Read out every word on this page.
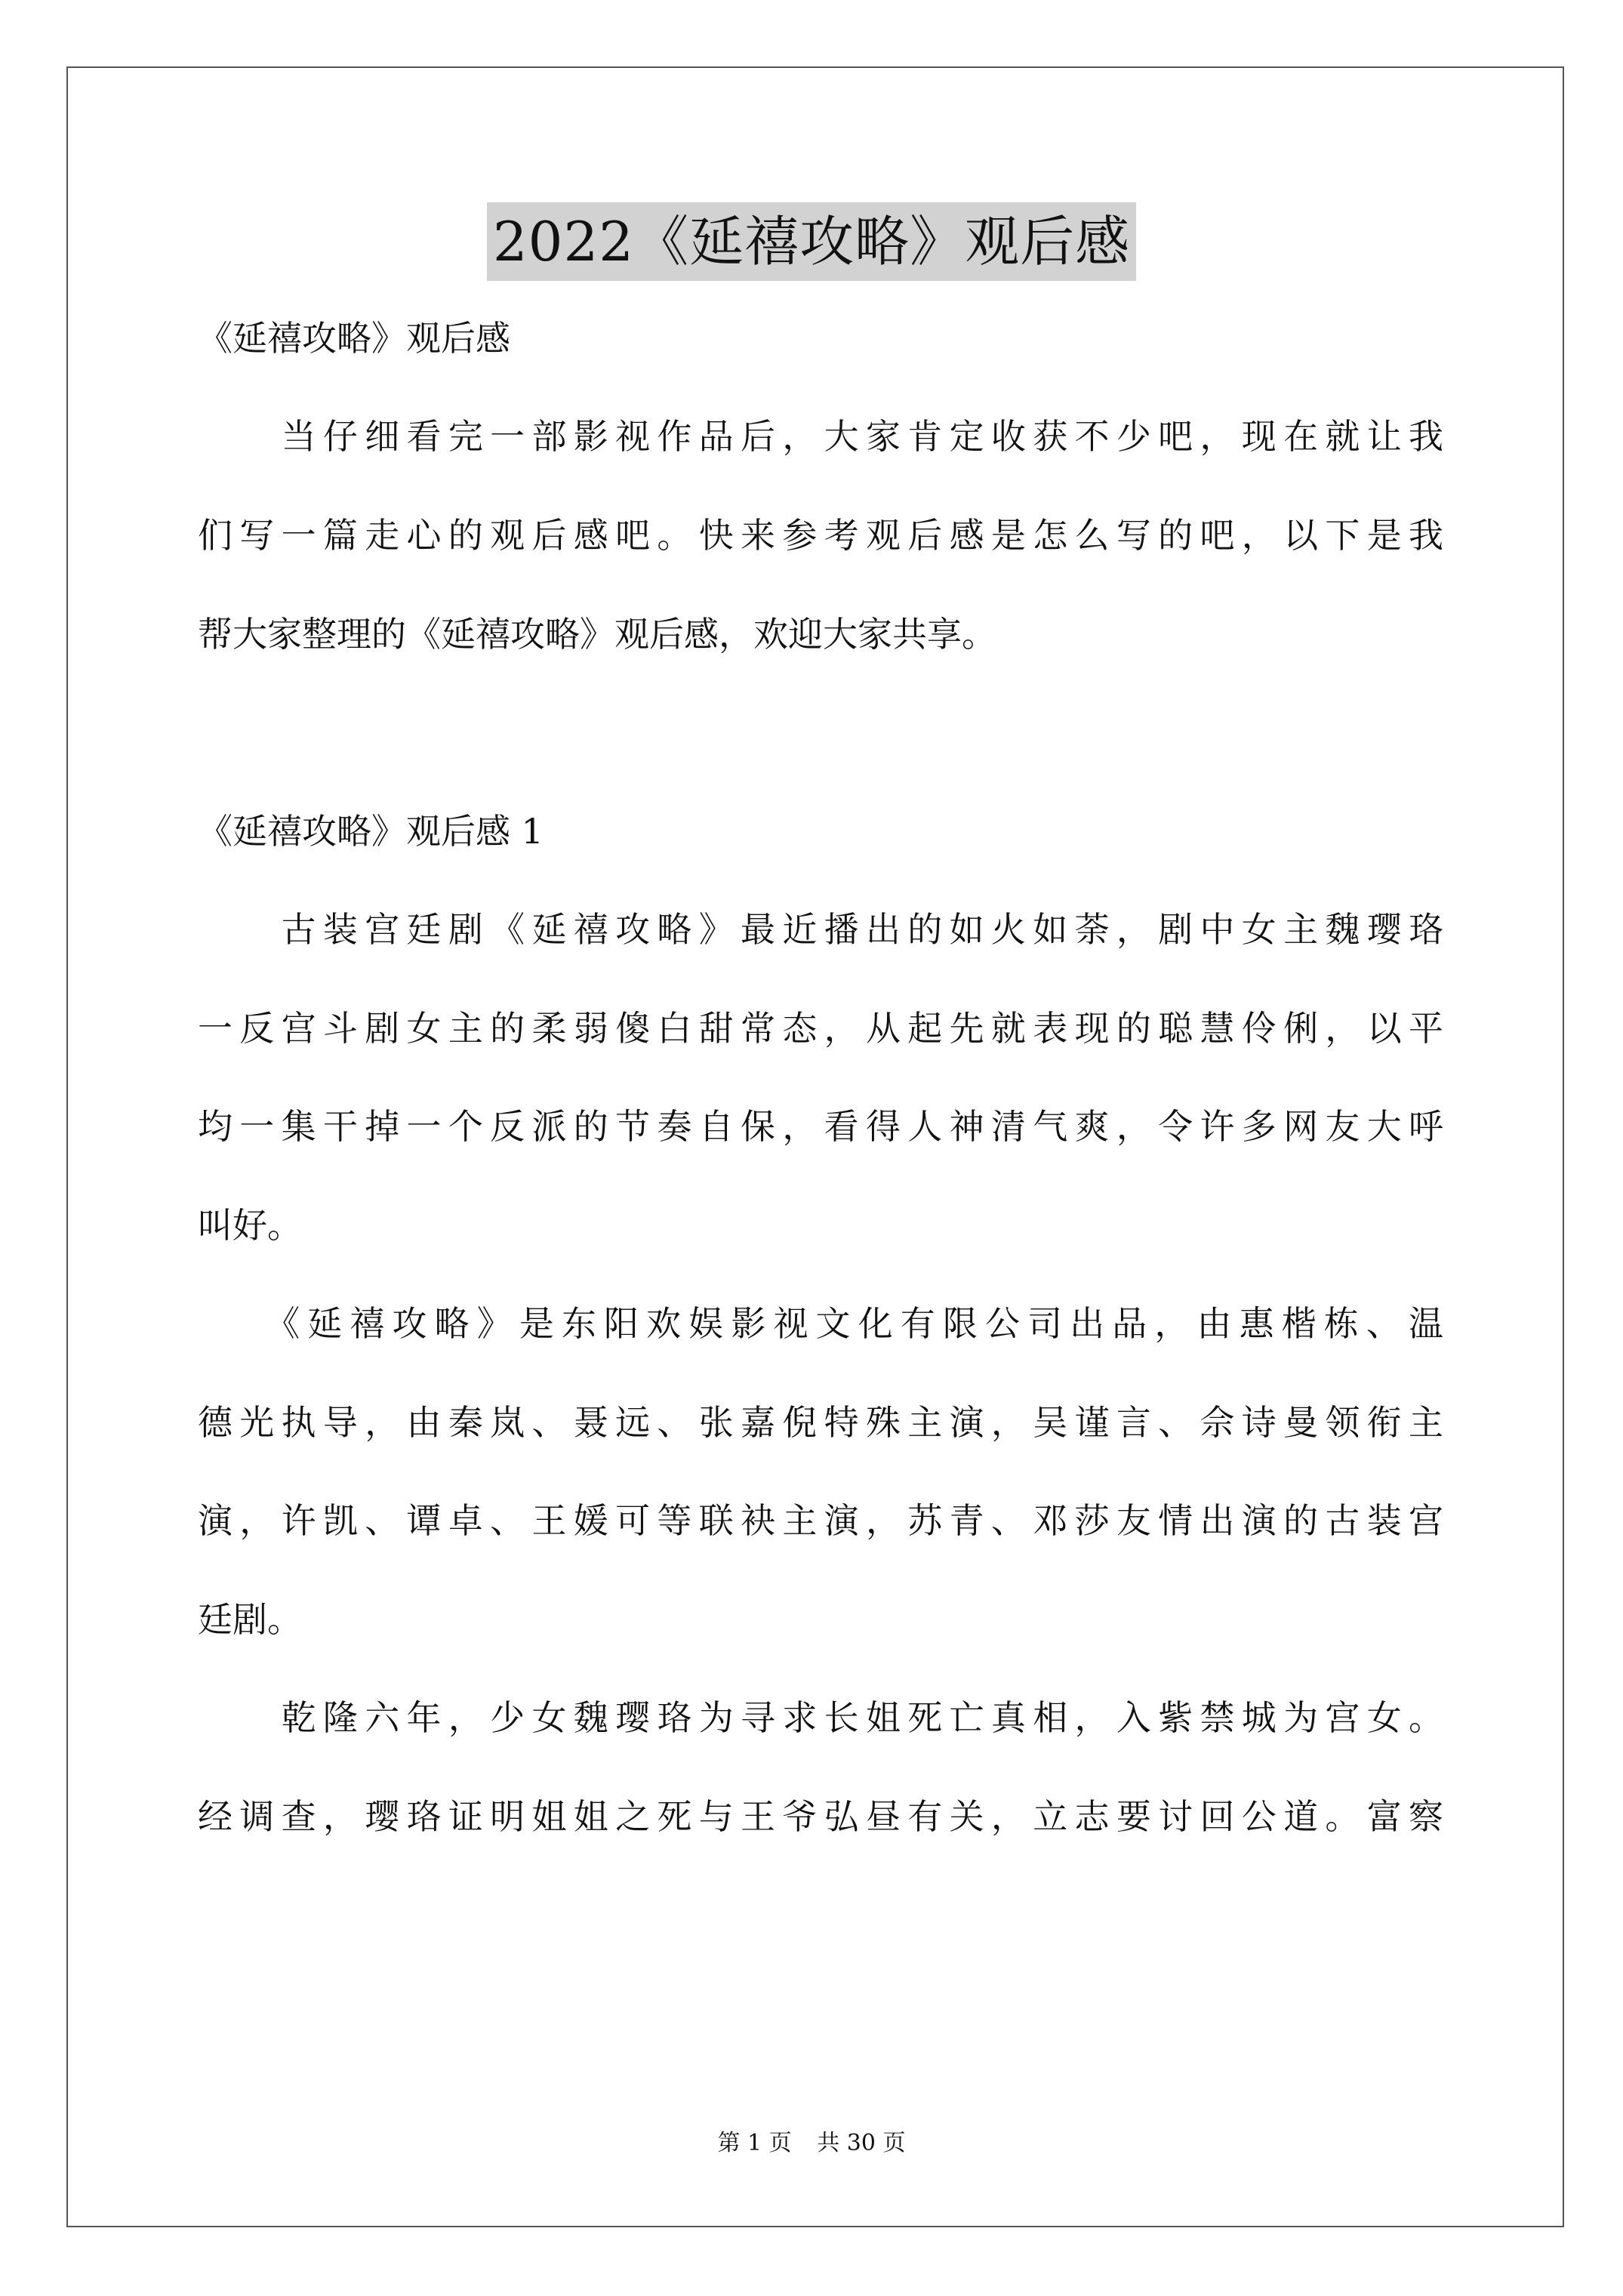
2022《延禧攻略》观后感
《延禧攻略》观后感
　　当仔细看完一部影视作品后，大家肯定收获不少吧，现在就让我
们写一篇走心的观后感吧。快来参考观后感是怎么写的吧，以下是我
帮大家整理的《延禧攻略》观后感，欢迎大家共享。
《延禧攻略》观后感 1
　　古装宫廷剧《延禧攻略》最近播出的如火如荼，剧中女主魏璎珞
一反宫斗剧女主的柔弱傻白甜常态，从起先就表现的聪慧伶俐，以平
均一集干掉一个反派的节奏自保，看得人神清气爽，令许多网友大呼
叫好。
　　《延禧攻略》是东阳欢娱影视文化有限公司出品，由惠楷栋、温
德光执导，由秦岚、聂远、张嘉倪特殊主演，吴谨言、佘诗曼领衔主
演，许凯、谭卓、王媛可等联袂主演，苏青、邓莎友情出演的古装宫
廷剧。
　　乾隆六年，少女魏璎珞为寻求长姐死亡真相，入紫禁城为宫女。
经调查，璎珞证明姐姐之死与王爷弘昼有关，立志要讨回公道。富察
第 1 页 共 30 页
